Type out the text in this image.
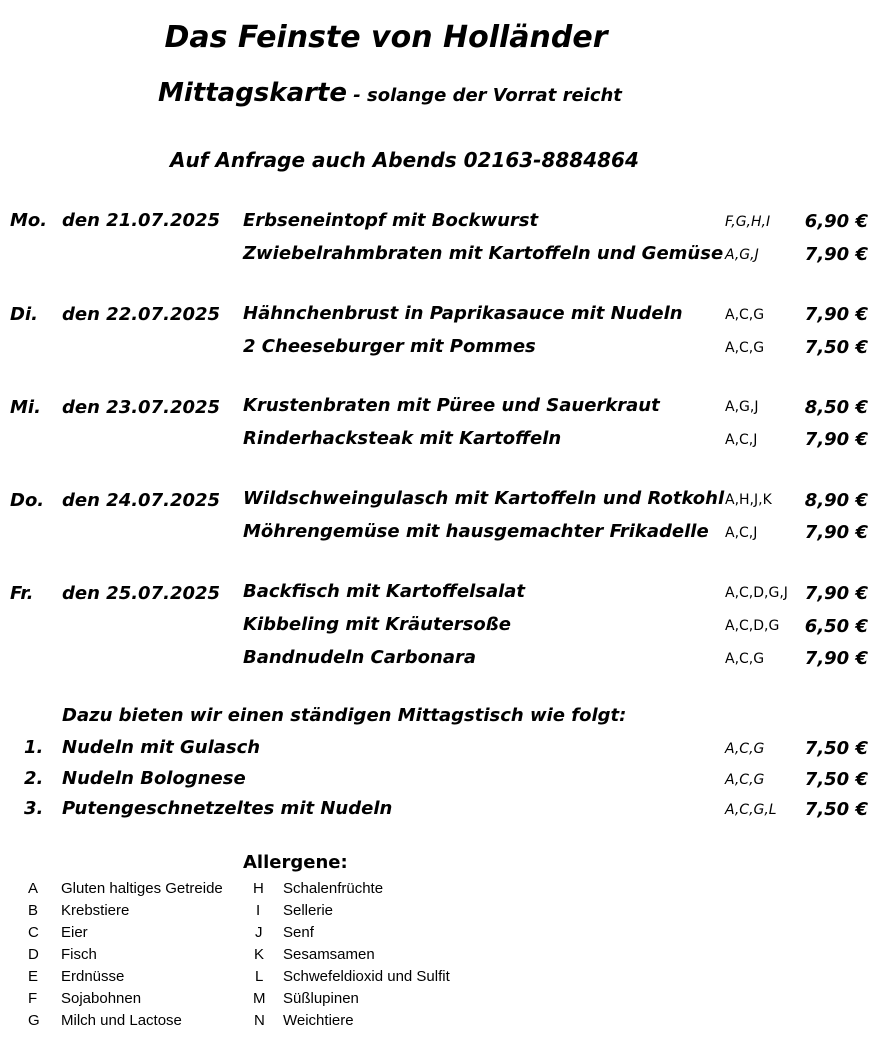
Das Feinste von Holländer
Mittagskarte - solange der Vorrat reicht
Auf Anfrage auch Abends 02163-8884864
Mo. den 21.07.2025 Erbseneintopf mit Bockwurst	F,G,H,I 6,90 €
Zwiebelrahmbraten mit Kartoffeln und Gemüse A,G,J	7,90 €
Di. den 22.07.2025 Hähnchenbrust in Paprikasauce mit Nudeln	A,C,G 7,90 €
2 Cheeseburger mit Pommes	A,C,G 7,50 €
Mi. den 23.07.2025 Krustenbraten mit Püree und Sauerkraut	A,G,J	8,50 €
Rinderhacksteak mit Kartoffeln	A,C,J	7,90 €
Do. den 24.07.2025 Wildschweingulasch mit Kartoffeln und Rotkohl A,H,J,K 8,90 €
Möhrengemüse mit hausgemachter Frikadelle A,C,J	7,90 €
Fr. den 25.07.2025 Backfisch mit Kartoffelsalat	A,C,D,G,J 7,90 €
Kibbeling mit Kräutersoße	A,C,D,G 6,50 €
Bandnudeln Carbonara	A,C,G 7,90 €
Dazu bieten wir einen ständigen Mittagstisch wie folgt:
1. Nudeln mit Gulasch	A,C,G 7,50 €
2. Nudeln Bolognese	A,C,G 7,50 €
3. Putengeschnetzeltes mit Nudeln	A,C,G,L 7,50 €
Allergene:
A Gluten haltiges Getreide
B Krebstiere
C Eier
D Fisch
E Erdnüsse
F Sojabohnen
G Milch und Lactose
H Schalenfrüchte
I Sellerie
J Senf
K Sesamsamen
L Schwefeldioxid und Sulfit
M Süßlupinen
N Weichtiere
